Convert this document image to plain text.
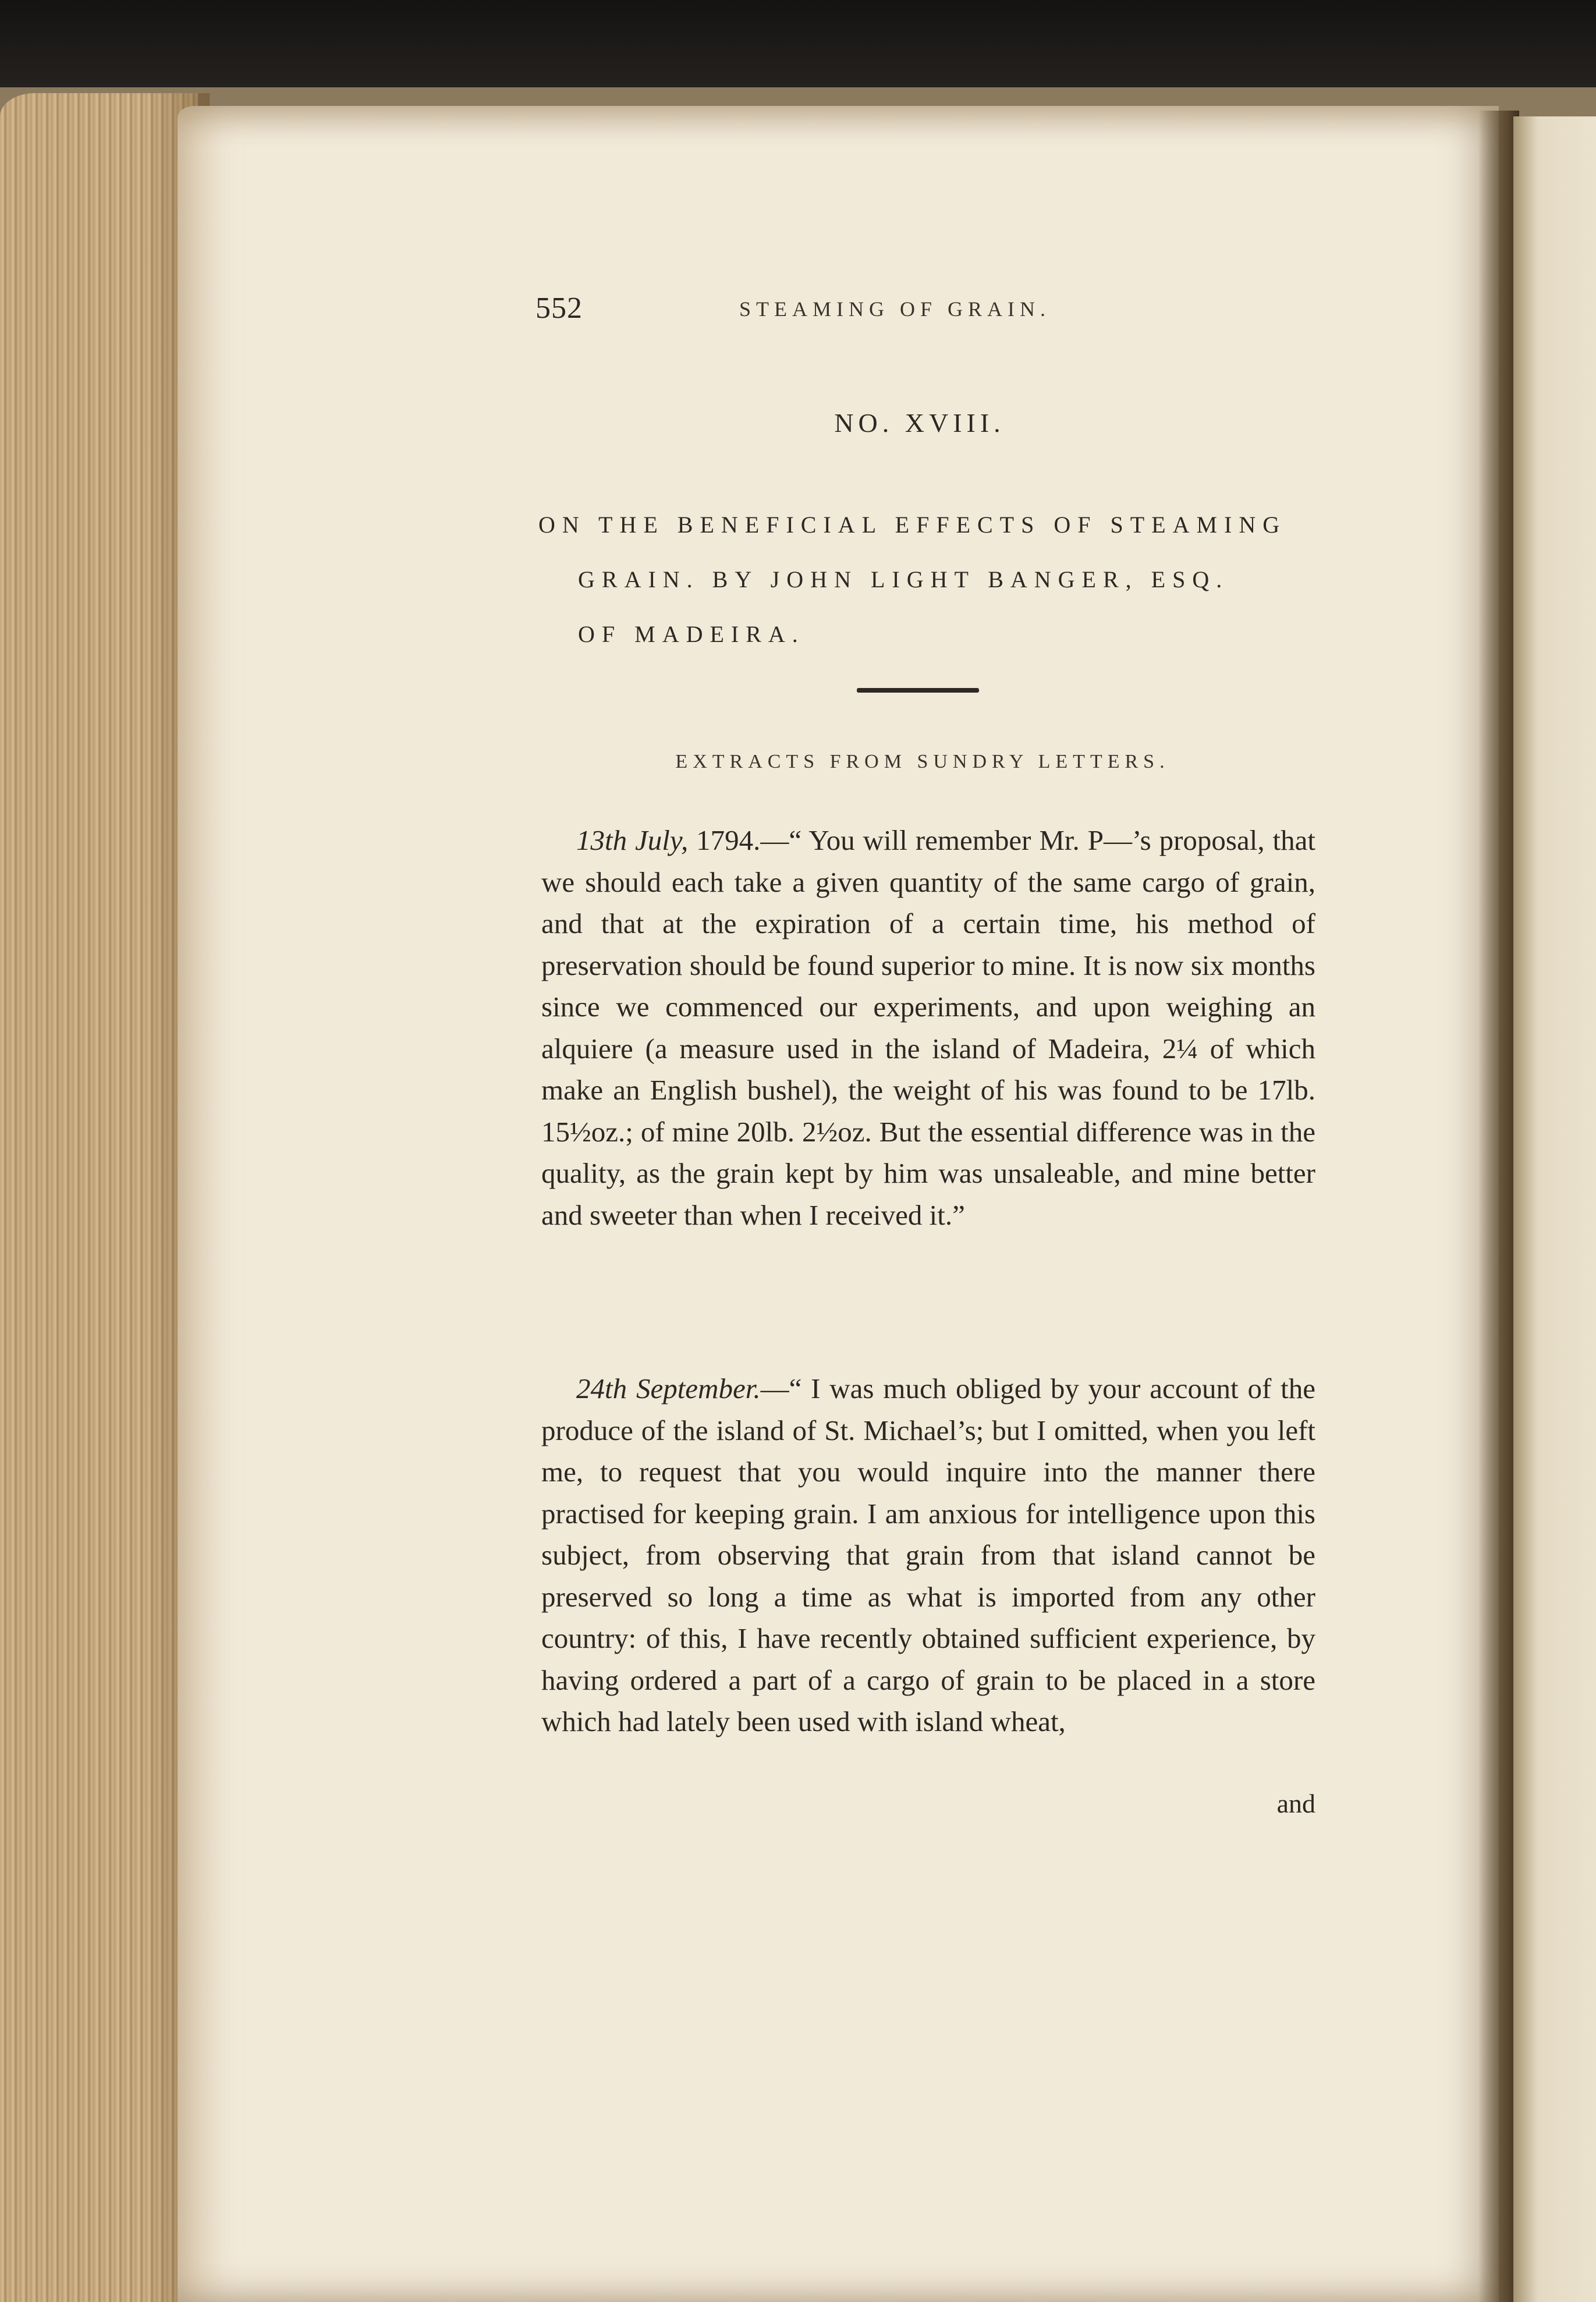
552	STEAMING OF GRAIN.
NO. XVIII.
ON THE BENEFICIAL EFFECTS OF STEAMING
GRAIN. BY JOHN LIGHT BANGER, ESQ.
OF MADEIRA.
EXTRACTS FROM SUNDRY LETTERS.

13th July, 1794.—“ You will remember Mr. P—’s proposal, that we should each take a given quantity of the same cargo of grain, and that at the expiration of a certain time, his method of preservation should be found superior to mine. It is now six months since we commenced our experiments, and upon weighing an alquiere (a measure used in the island of Madeira, 2¼ of which make an English bushel), the weight of his was found to be 17lb. 15½oz.; of mine 20lb. 2½oz. But the essential difference was in the quality, as the grain kept by him was unsaleable, and mine better and sweeter than when I received it.”

24th September.—“ I was much obliged by your account of the produce of the island of St. Michael’s; but I omitted, when you left me, to request that you would inquire into the manner there practised for keeping grain. I am anxious for intelligence upon this subject, from observing that grain from that island cannot be preserved so long a time as what is imported from any other country: of this, I have recently obtained sufficient experience, by having ordered a part of a cargo of grain to be placed in a store which had lately been used with island wheat,

and
